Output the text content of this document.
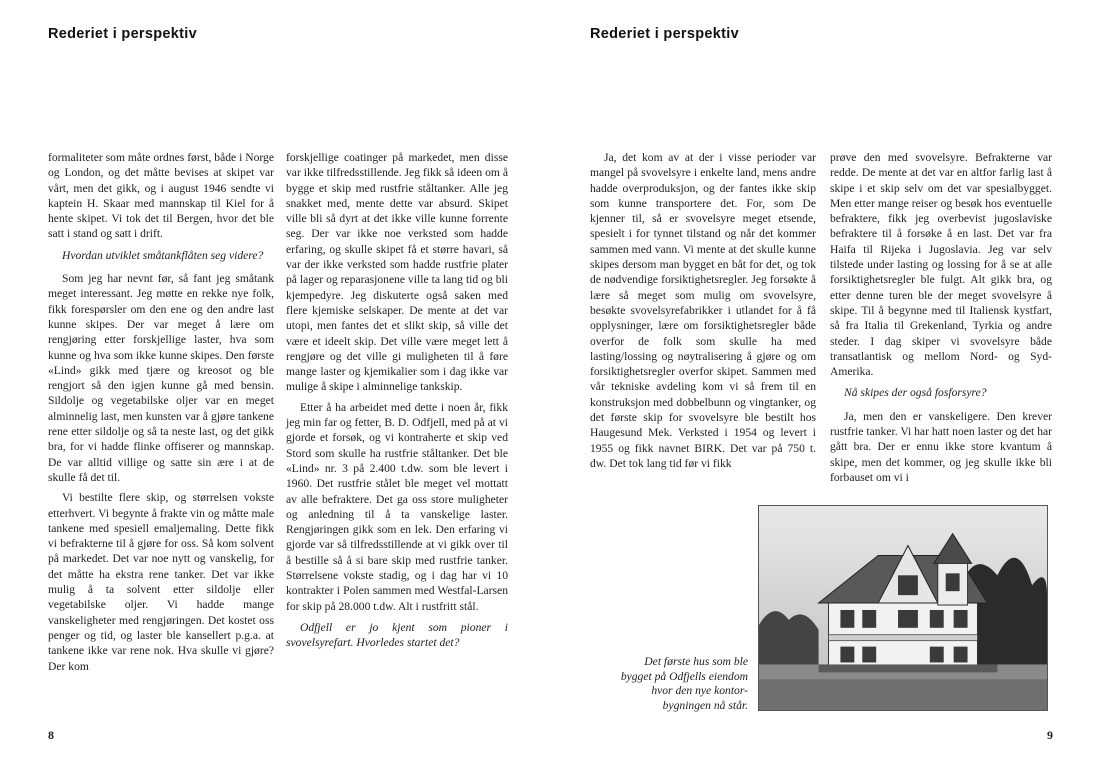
Rederiet i perspektiv

formaliteter som måte ordnes først, både i Norge og London, og det måtte bevises at skipet var vårt, men det gikk, og i august 1946 sendte vi kaptein H. Skaar med mannskap til Kiel for å hente skipet. Vi tok det til Bergen, hvor det ble satt i stand og satt i drift.

Hvordan utviklet småtankflåten seg videre?

Som jeg har nevnt før, så fant jeg småtank meget interessant. Jeg møtte en rekke nye folk, fikk forespørsler om den ene og den andre last kunne skipes. Der var meget å lære om rengjøring etter forskjellige laster, hva som kunne og hva som ikke kunne skipes. Den første «Lind» gikk med tjære og kreosot og ble rengjort så den igjen kunne gå med bensin. Sildolje og vegetabilske oljer var en meget alminnelig last, men kunsten var å gjøre tankene rene etter sildolje og så ta neste last, og det gikk bra, for vi hadde flinke offiserer og mannskap. De var alltid villige og satte sin ære i at de skulle få det til.

Vi bestilte flere skip, og størrelsen vokste etterhvert. Vi begynte å frakte vin og måtte male tankene med spesiell emaljemaling. Dette fikk vi befrakterne til å gjøre for oss. Så kom solvent på markedet. Det var noe nytt og vanskelig, for det måtte ha ekstra rene tanker. Det var ikke mulig å ta solvent etter sildolje eller vegetabilske oljer. Vi hadde mange vanskeligheter med rengjøringen. Det kostet oss penger og tid, og laster ble kansellert p.g.a. at tankene ikke var rene nok. Hva skulle vi gjøre? Der kom

forskjellige coatinger på markedet, men disse var ikke tilfredsstillende. Jeg fikk så ideen om å bygge et skip med rustfrie ståltanker. Alle jeg snakket med, mente dette var absurd. Skipet ville bli så dyrt at det ikke ville kunne forrente seg. Der var ikke noe verksted som hadde erfaring, og skulle skipet få et større havari, så var der ikke verksted som hadde rustfrie plater på lager og reparasjonene ville ta lang tid og bli kjempedyre. Jeg diskuterte også saken med flere kjemiske selskaper. De mente at det var utopi, men fantes det et slikt skip, så ville det være et ideelt skip. Det ville være meget lett å rengjøre og det ville gi muligheten til å føre mange laster og kjemikalier som i dag ikke var mulige å skipe i alminnelige tankskip.

Etter å ha arbeidet med dette i noen år, fikk jeg min far og fetter, B. D. Odfjell, med på at vi gjorde et forsøk, og vi kontraherte et skip ved Stord som skulle ha rustfrie ståltanker. Det ble «Lind» nr. 3 på 2.400 t.dw. som ble levert i 1960. Det rustfrie stålet ble meget vel mottatt av alle befraktere. Det ga oss store muligheter og anledning til å ta vanskelige laster. Rengjøringen gikk som en lek. Den erfaring vi gjorde var så tilfredsstillende at vi gikk over til å bestille så å si bare skip med rustfrie tanker. Størrelsene vokste stadig, og i dag har vi 10 kontrakter i Polen sammen med Westfal-Larsen for skip på 28.000 t.dw. Alt i rustfritt stål.

Odfjell er jo kjent som pioner i svovelsyrefart. Hvorledes startet det?

8
Rederiet i perspektiv

Ja, det kom av at der i visse perioder var mangel på svovelsyre i enkelte land, mens andre hadde overproduksjon, og der fantes ikke skip som kunne transportere det. For, som De kjenner til, så er svovelsyre meget etsende, spesielt i for tynnet tilstand og når det kommer sammen med vann. Vi mente at det skulle kunne skipes dersom man bygget en båt for det, og tok de nødvendige forsiktighetsregler. Jeg forsøkte å lære så meget som mulig om svovelsyre, besøkte svovelsyrefabrikker i utlandet for å få opplysninger, lære om forsiktighetsregler både overfor de folk som skulle ha med lasting/lossing og nøytralisering å gjøre og om forsiktighetsregler overfor skipet. Sammen med vår tekniske avdeling kom vi så frem til en konstruksjon med dobbelbunn og vingtanker, og det første skip for svovelsyre ble bestilt hos Haugesund Mek. Verksted i 1954 og levert i 1955 og fikk navnet BIRK. Det var på 750 t. dw. Det tok lang tid før vi fikk

prøve den med svovelsyre. Befrakterne var redde. De mente at det var en altfor farlig last å skipe i et skip selv om det var spesialbygget. Men etter mange reiser og besøk hos eventuelle befraktere, fikk jeg overbevist jugoslaviske befraktere til å forsøke å en last. Det var fra Haifa til Rijeka i Jugoslavia. Jeg var selv tilstede under lasting og lossing for å se at alle forsiktighetsregler ble fulgt. Alt gikk bra, og etter denne turen ble der meget svovelsyre å skipe. Til å begynne med til Italiensk kystfart, så fra Italia til Grekenland, Tyrkia og andre steder. I dag skiper vi svovelsyre både transatlantisk og mellom Nord- og Syd-Amerika.

Nå skipes der også fosforsyre?

Ja, men den er vanskeligere. Den krever rustfrie tanker. Vi har hatt noen laster og det har gått bra. Der er ennu ikke store kvantum å skipe, men det kommer, og jeg skulle ikke bli forbauset om vi i

Det første hus som ble
bygget på Odfjells eiendom
hvor den nye kontor-
bygningen nå står.
9
